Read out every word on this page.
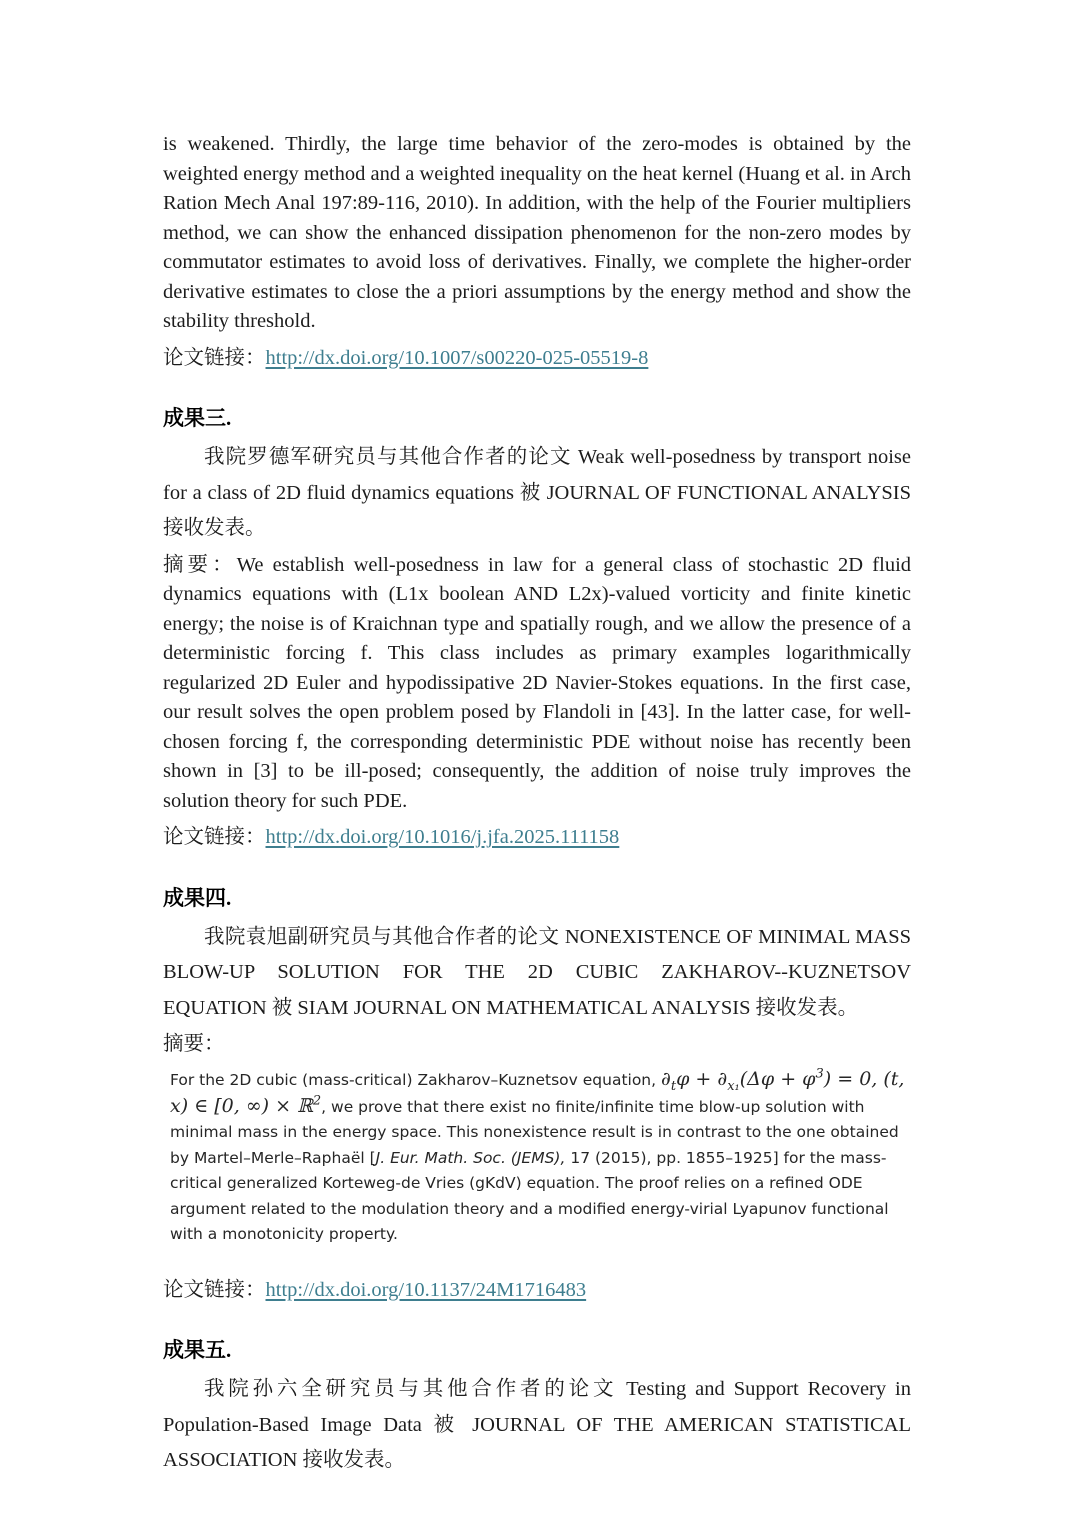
is weakened. Thirdly, the large time behavior of the zero-modes is obtained by the weighted energy method and a weighted inequality on the heat kernel (Huang et al. in Arch Ration Mech Anal 197:89-116, 2010). In addition, with the help of the Fourier multipliers method, we can show the enhanced dissipation phenomenon for the non-zero modes by commutator estimates to avoid loss of derivatives. Finally, we complete the higher-order derivative estimates to close the a priori assumptions by the energy method and show the stability threshold.

论文链接：http://dx.doi.org/10.1007/s00220-025-05519-8

成果三.

我院罗德军研究员与其他合作者的论文 Weak well-posedness by transport noise for a class of 2D fluid dynamics equations 被 JOURNAL OF FUNCTIONAL ANALYSIS 接收发表。

摘要：We establish well-posedness in law for a general class of stochastic 2D fluid dynamics equations with (L1x boolean AND L2x)-valued vorticity and finite kinetic energy; the noise is of Kraichnan type and spatially rough, and we allow the presence of a deterministic forcing f. This class includes as primary examples logarithmically regularized 2D Euler and hypodissipative 2D Navier-Stokes equations. In the first case, our result solves the open problem posed by Flandoli in [43]. In the latter case, for well-chosen forcing f, the corresponding deterministic PDE without noise has recently been shown in [3] to be ill-posed; consequently, the addition of noise truly improves the solution theory for such PDE.

论文链接：http://dx.doi.org/10.1016/j.jfa.2025.111158

成果四.

我院袁旭副研究员与其他合作者的论文 NONEXISTENCE OF MINIMAL MASS BLOW-UP SOLUTION FOR THE 2D CUBIC ZAKHAROV--KUZNETSOV EQUATION 被 SIAM JOURNAL ON MATHEMATICAL ANALYSIS 接收发表。

摘要：

For the 2D cubic (mass-critical) Zakharov–Kuznetsov equation, $\partial_t\varphi + \partial_{x_1}(\Delta\varphi + \varphi^3) = 0$, (t, x) ∈ [0, ∞) × ℝ$^2$, we prove that there exist no finite/infinite time blow-up solution with minimal mass in the energy space. This nonexistence result is in contrast to the one obtained by Martel–Merle–Raphaël [J. Eur. Math. Soc. (JEMS), 17 (2015), pp. 1855–1925] for the mass-critical generalized Korteweg-de Vries (gKdV) equation. The proof relies on a refined ODE argument related to the modulation theory and a modified energy-virial Lyapunov functional with a monotonicity property.

论文链接：http://dx.doi.org/10.1137/24M1716483

成果五.

我院孙六全研究员与其他合作者的论文 Testing and Support Recovery in Population-Based Image Data 被 JOURNAL OF THE AMERICAN STATISTICAL ASSOCIATION 接收发表。
